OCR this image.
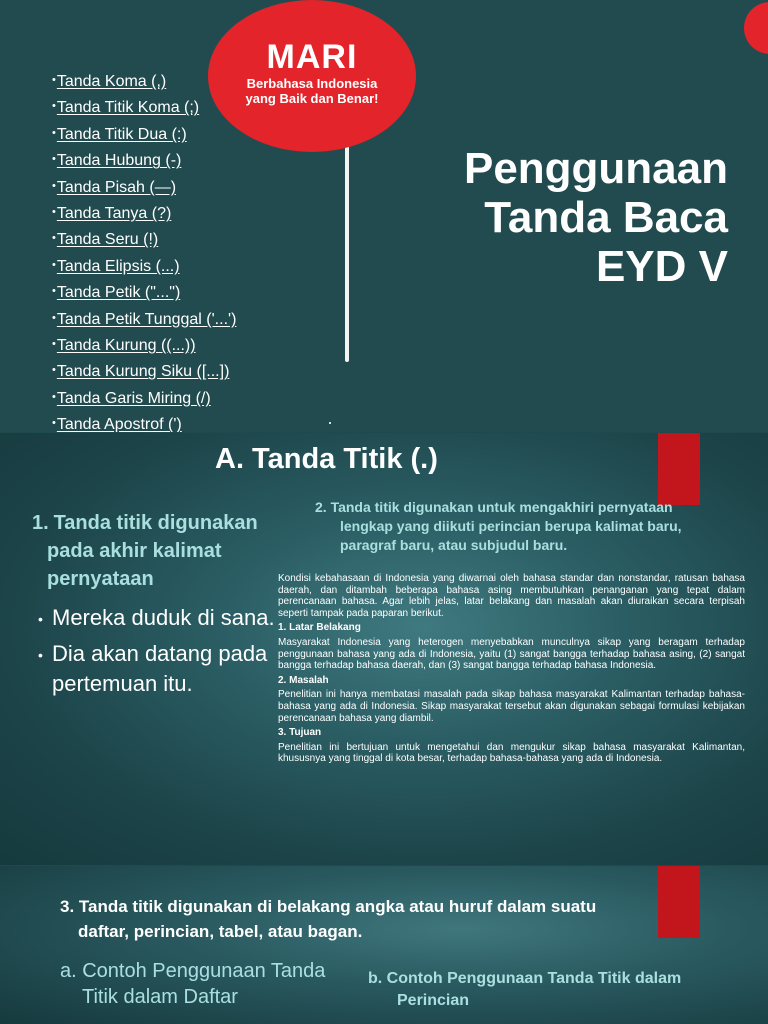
•Tanda Koma (,)
•Tanda Titik Koma (;)
•Tanda Titik Dua (:)
•Tanda Hubung (-)
•Tanda Pisah (—)
•Tanda Tanya (?)
•Tanda Seru (!)
•Tanda Elipsis (...)
•Tanda Petik ("...")
•Tanda Petik Tunggal ('...')
•Tanda Kurung ((...))
•Tanda Kurung Siku ([...])
•Tanda Garis Miring (/)
•Tanda Apostrof (')
MARI
Berbahasa Indonesia
yang Baik dan Benar!
Penggunaan
Tanda Baca
EYD V
A. Tanda Titik (.)
1. Tanda titik digunakan
pada akhir kalimat
pernyataan
• Mereka duduk di sana.
• Dia akan datang pada pertemuan itu.
2. Tanda titik digunakan untuk mengakhiri pernyataan
lengkap yang diikuti perincian berupa kalimat baru,
paragraf baru, atau subjudul baru.

Kondisi kebahasaan di Indonesia yang diwarnai oleh bahasa standar dan nonstandar, ratusan bahasa daerah, dan ditambah beberapa bahasa asing membutuhkan penanganan yang tepat dalam perencanaan bahasa. Agar lebih jelas, latar belakang dan masalah akan diuraikan secara terpisah seperti tampak pada paparan berikut.

1. Latar Belakang

Masyarakat Indonesia yang heterogen menyebabkan munculnya sikap yang beragam terhadap penggunaan bahasa yang ada di Indonesia, yaitu (1) sangat bangga terhadap bahasa asing, (2) sangat bangga terhadap bahasa daerah, dan (3) sangat bangga terhadap bahasa Indonesia.

2. Masalah

Penelitian ini hanya membatasi masalah pada sikap bahasa masyarakat Kalimantan terhadap bahasa-bahasa yang ada di Indonesia. Sikap masyarakat tersebut akan digunakan sebagai formulasi kebijakan perencanaan bahasa yang diambil.

3. Tujuan

Penelitian ini bertujuan untuk mengetahui dan mengukur sikap bahasa masyarakat Kalimantan, khususnya yang tinggal di kota besar, terhadap bahasa-bahasa yang ada di Indonesia.

3. Tanda titik digunakan di belakang angka atau huruf dalam suatu
daftar, perincian, tabel, atau bagan.
a. Contoh Penggunaan Tanda
Titik dalam Daftar
b. Contoh Penggunaan Tanda Titik dalam
Perincian
